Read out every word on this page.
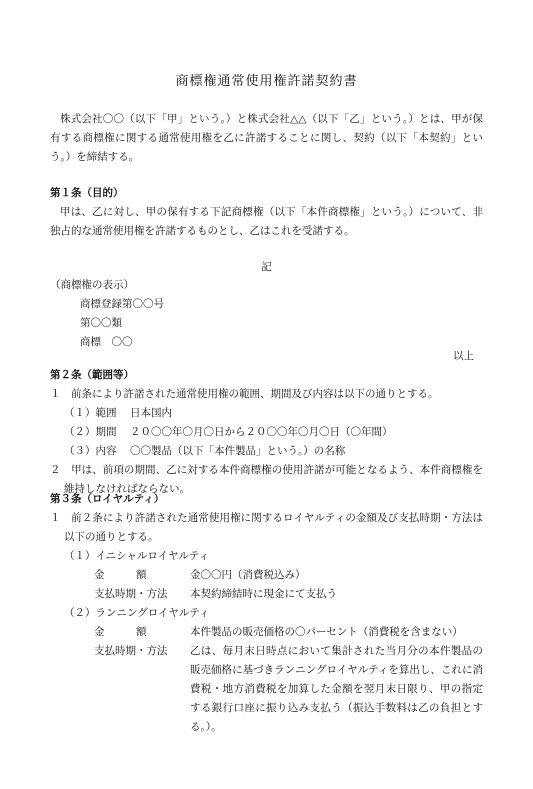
商標権通常使用権許諾契約書
株式会社〇〇（以下「甲」という。）と株式会社△△（以下「乙」という。）とは、甲が保有する商標権に関する通常使用権を乙に許諾することに関し、契約（以下「本契約」という。）を締結する。
第１条（目的）
甲は、乙に対し、甲の保有する下記商標権（以下「本件商標権」という。）について、非独占的な通常使用権を許諾するものとし、乙はこれを受諾する。
記
（商標権の表示）
商標登録第〇〇号
第〇〇類
商標　〇〇
以上
第２条（範囲等）
１　前条により許諾された通常使用権の範囲、期間及び内容は以下の通りとする。
（１）範囲	日本国内
（２）期間	２０〇〇年〇月〇日から２０〇〇年〇月〇日（〇年間）
（３）内容	〇〇製品（以下「本件製品」という。）の名称
２　甲は、前項の期間、乙に対する本件商標権の使用許諾が可能となるよう、本件商標権を維持しなければならない。
第３条（ロイヤルティ）
１　前２条により許諾された通常使用権に関するロイヤルティの金額及び支払時期・方法は以下の通りとする。
（１）イニシャルロイヤルティ
金　　　額	金〇〇円（消費税込み）
支払時期・方法	本契約締結時に現金にて支払う
（２）ランニングロイヤルティ
金　　　額	本件製品の販売価格の〇パーセント（消費税を含まない）
支払時期・方法	乙は、毎月末日時点において集計された当月分の本件製品の販売価格に基づきランニングロイヤルティを算出し、これに消費税・地方消費税を加算した金額を翌月末日限り、甲の指定する銀行口座に振り込み支払う（振込手数料は乙の負担とする。）。
